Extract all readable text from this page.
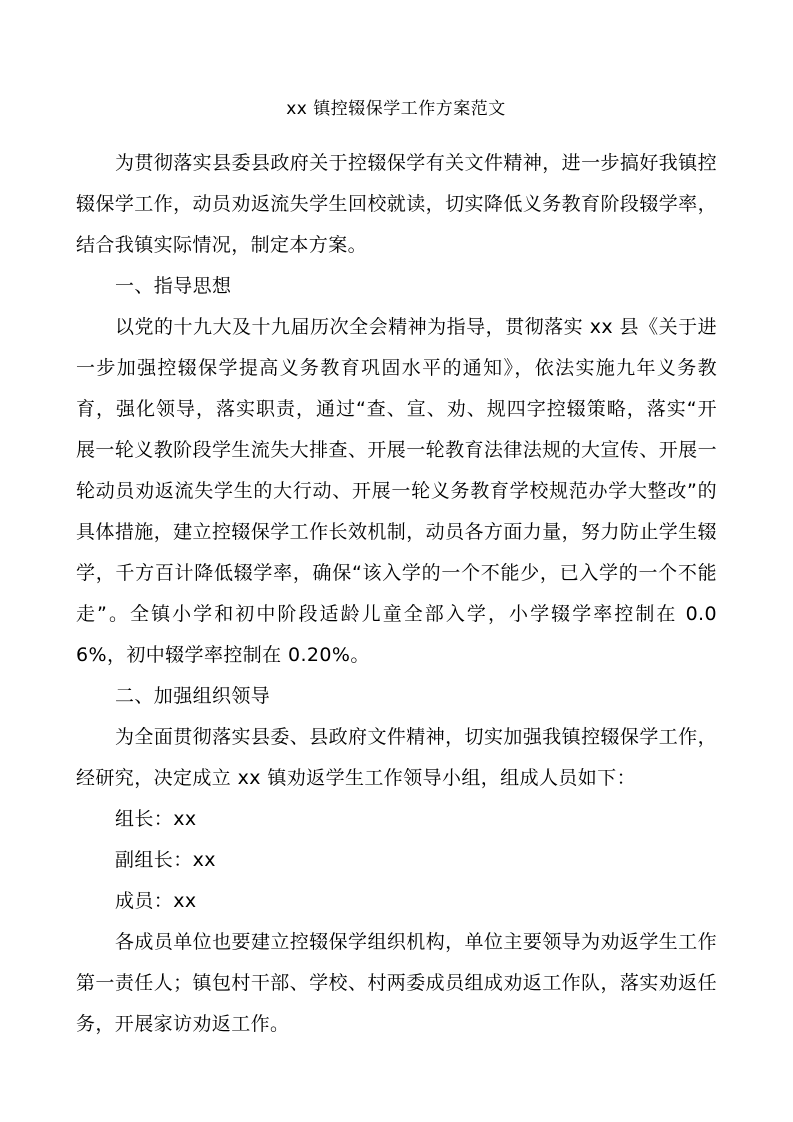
xx 镇控辍保学工作方案范文

为贯彻落实县委县政府关于控辍保学有关文件精神，进一步搞好我镇控辍保学工作，动员劝返流失学生回校就读，切实降低义务教育阶段辍学率，结合我镇实际情况，制定本方案。

一、指导思想

以党的十九大及十九届历次全会精神为指导，贯彻落实 xx 县《关于进一步加强控辍保学提高义务教育巩固水平的通知》，依法实施九年义务教育，强化领导，落实职责，通过“查、宣、劝、规四字控辍策略，落实“开展一轮义教阶段学生流失大排查、开展一轮教育法律法规的大宣传、开展一轮动员劝返流失学生的大行动、开展一轮义务教育学校规范办学大整改”的具体措施，建立控辍保学工作长效机制，动员各方面力量，努力防止学生辍学，千方百计降低辍学率，确保“该入学的一个不能少，已入学的一个不能走”。全镇小学和初中阶段适龄儿童全部入学，小学辍学率控制在 0.06%，初中辍学率控制在 0.20%。

二、加强组织领导

为全面贯彻落实县委、县政府文件精神，切实加强我镇控辍保学工作，经研究，决定成立 xx 镇劝返学生工作领导小组，组成人员如下：

组长：xx

副组长：xx

成员：xx

各成员单位也要建立控辍保学组织机构，单位主要领导为劝返学生工作第一责任人；镇包村干部、学校、村两委成员组成劝返工作队，落实劝返任务，开展家访劝返工作。
